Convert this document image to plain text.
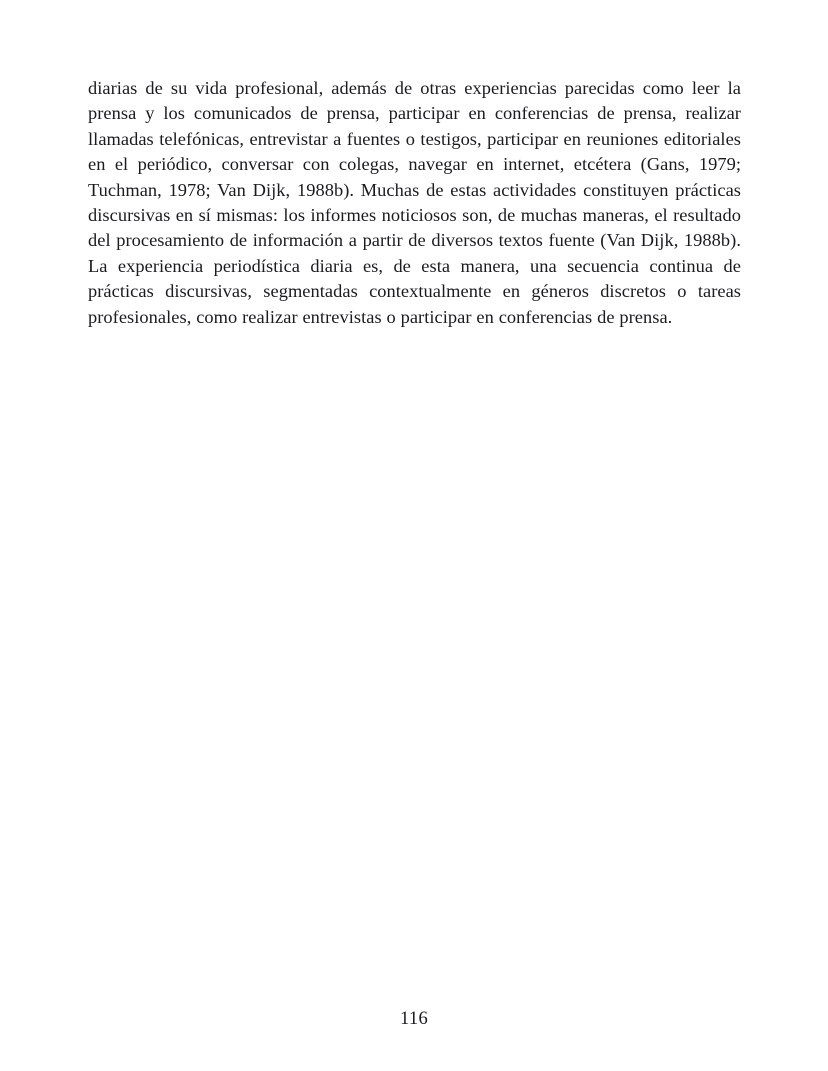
diarias de su vida profesional, además de otras experiencias parecidas como leer la prensa y los comunicados de prensa, participar en conferencias de prensa, realizar llamadas telefónicas, entrevistar a fuentes o testigos, participar en reuniones editoriales en el periódico, conversar con colegas, navegar en internet, etcétera (Gans, 1979; Tuchman, 1978; Van Dijk, 1988b). Muchas de estas actividades constituyen prácticas discursivas en sí mismas: los informes noticiosos son, de muchas maneras, el resultado del procesamiento de información a partir de diversos textos fuente (Van Dijk, 1988b). La experiencia periodística diaria es, de esta manera, una secuencia continua de prácticas discursivas, segmentadas contextualmente en géneros discretos o tareas profesionales, como realizar entrevistas o participar en conferencias de prensa.

116
